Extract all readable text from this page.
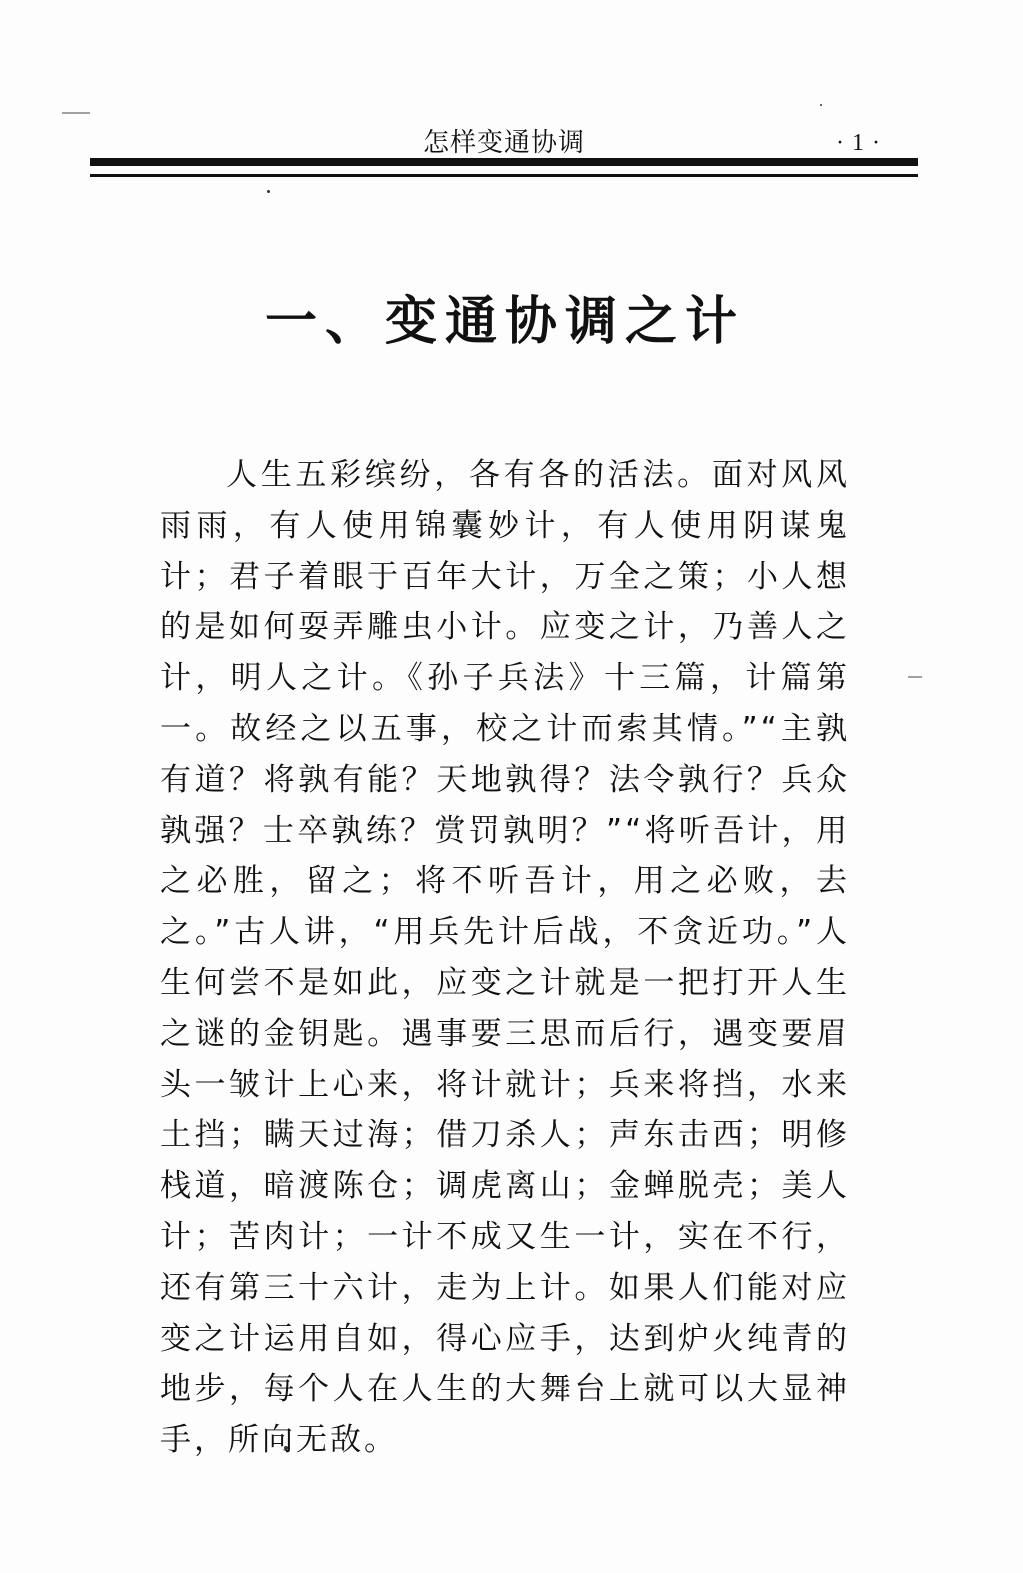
怎样变通协调	·1·
一、变通协调之计

人生五彩缤纷，各有各的活法。面对风风雨雨，有人使用锦囊妙计，有人使用阴谋鬼计；君子着眼于百年大计，万全之策；小人想的是如何耍弄雕虫小计。应变之计，乃善人之计，明人之计。《孙子兵法》十三篇，计篇第一。故经之以五事，校之计而索其情。”“主孰有道？将孰有能？天地孰得？法令孰行？兵众孰强？士卒孰练？赏罚孰明？”“将听吾计，用之必胜，留之；将不听吾计，用之必败，去之。”古人讲，“用兵先计后战，不贪近功。”人生何尝不是如此，应变之计就是一把打开人生之谜的金钥匙。遇事要三思而后行，遇变要眉头一皱计上心来，将计就计；兵来将挡，水来土挡；瞒天过海；借刀杀人；声东击西；明修栈道，暗渡陈仓；调虎离山；金蝉脱壳；美人计；苦肉计；一计不成又生一计，实在不行，还有第三十六计，走为上计。如果人们能对应变之计运用自如，得心应手，达到炉火纯青的地步，每个人在人生的大舞台上就可以大显神手，所向无敌。
